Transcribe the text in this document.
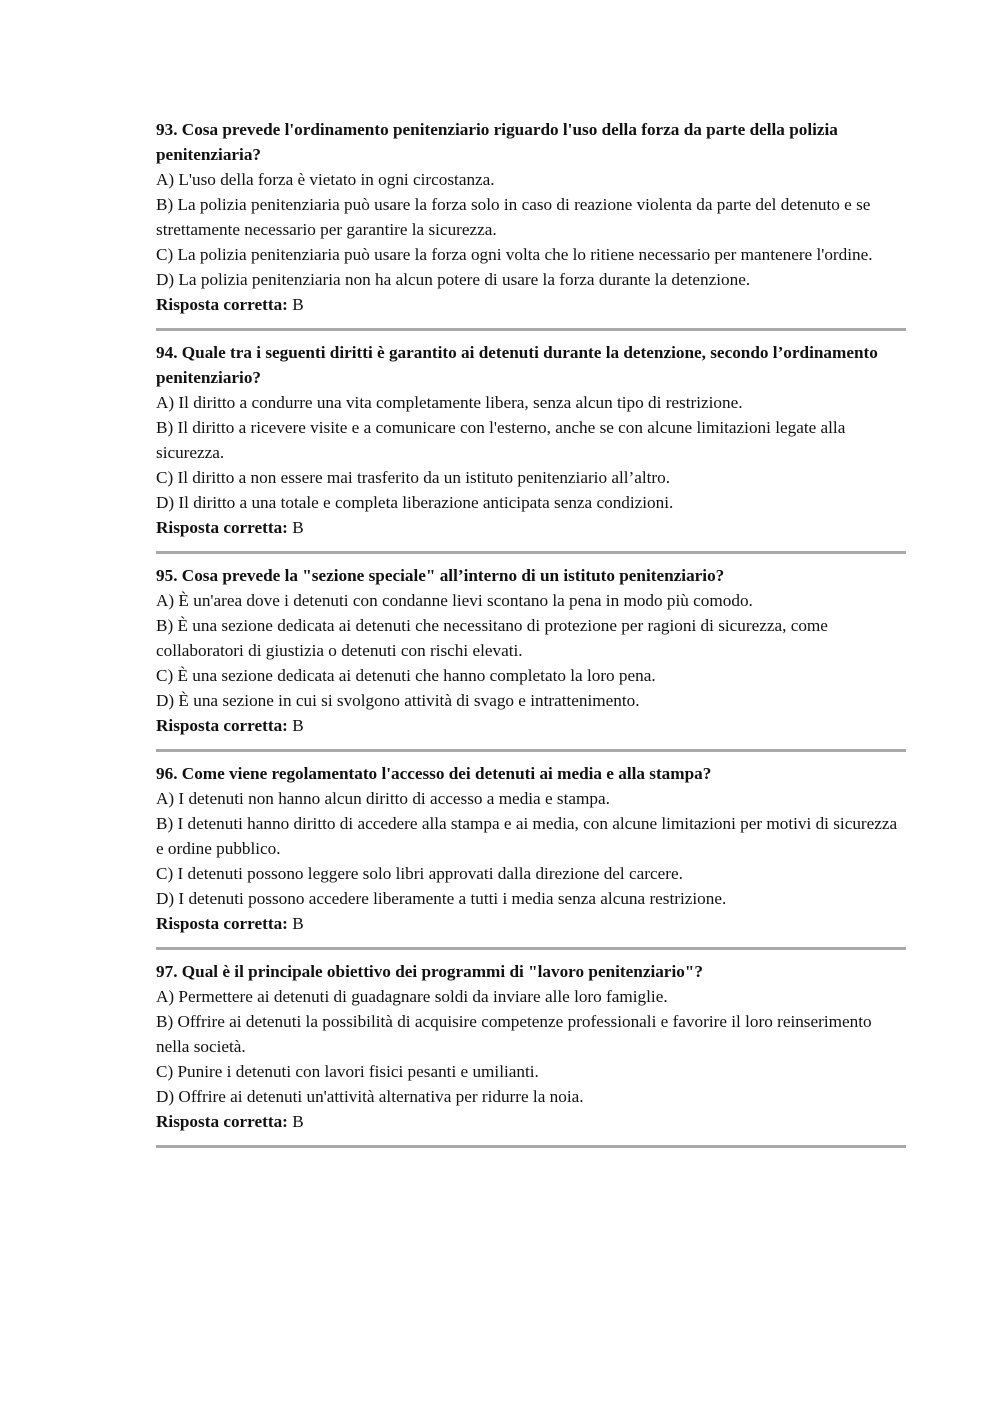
93. Cosa prevede l'ordinamento penitenziario riguardo l'uso della forza da parte della polizia penitenziaria?

A) L'uso della forza è vietato in ogni circostanza.

B) La polizia penitenziaria può usare la forza solo in caso di reazione violenta da parte del detenuto e se strettamente necessario per garantire la sicurezza.

C) La polizia penitenziaria può usare la forza ogni volta che lo ritiene necessario per mantenere l'ordine.

D) La polizia penitenziaria non ha alcun potere di usare la forza durante la detenzione.

Risposta corretta: B

94. Quale tra i seguenti diritti è garantito ai detenuti durante la detenzione, secondo l’ordinamento penitenziario?

A) Il diritto a condurre una vita completamente libera, senza alcun tipo di restrizione.

B) Il diritto a ricevere visite e a comunicare con l'esterno, anche se con alcune limitazioni legate alla sicurezza.

C) Il diritto a non essere mai trasferito da un istituto penitenziario all’altro.

D) Il diritto a una totale e completa liberazione anticipata senza condizioni.

Risposta corretta: B

95. Cosa prevede la "sezione speciale" all’interno di un istituto penitenziario?

A) È un'area dove i detenuti con condanne lievi scontano la pena in modo più comodo.

B) È una sezione dedicata ai detenuti che necessitano di protezione per ragioni di sicurezza, come collaboratori di giustizia o detenuti con rischi elevati.

C) È una sezione dedicata ai detenuti che hanno completato la loro pena.

D) È una sezione in cui si svolgono attività di svago e intrattenimento.

Risposta corretta: B

96. Come viene regolamentato l'accesso dei detenuti ai media e alla stampa?

A) I detenuti non hanno alcun diritto di accesso a media e stampa.

B) I detenuti hanno diritto di accedere alla stampa e ai media, con alcune limitazioni per motivi di sicurezza e ordine pubblico.

C) I detenuti possono leggere solo libri approvati dalla direzione del carcere.

D) I detenuti possono accedere liberamente a tutti i media senza alcuna restrizione.

Risposta corretta: B

97. Qual è il principale obiettivo dei programmi di "lavoro penitenziario"?

A) Permettere ai detenuti di guadagnare soldi da inviare alle loro famiglie.

B) Offrire ai detenuti la possibilità di acquisire competenze professionali e favorire il loro reinserimento nella società.

C) Punire i detenuti con lavori fisici pesanti e umilianti.

D) Offrire ai detenuti un'attività alternativa per ridurre la noia.

Risposta corretta: B
